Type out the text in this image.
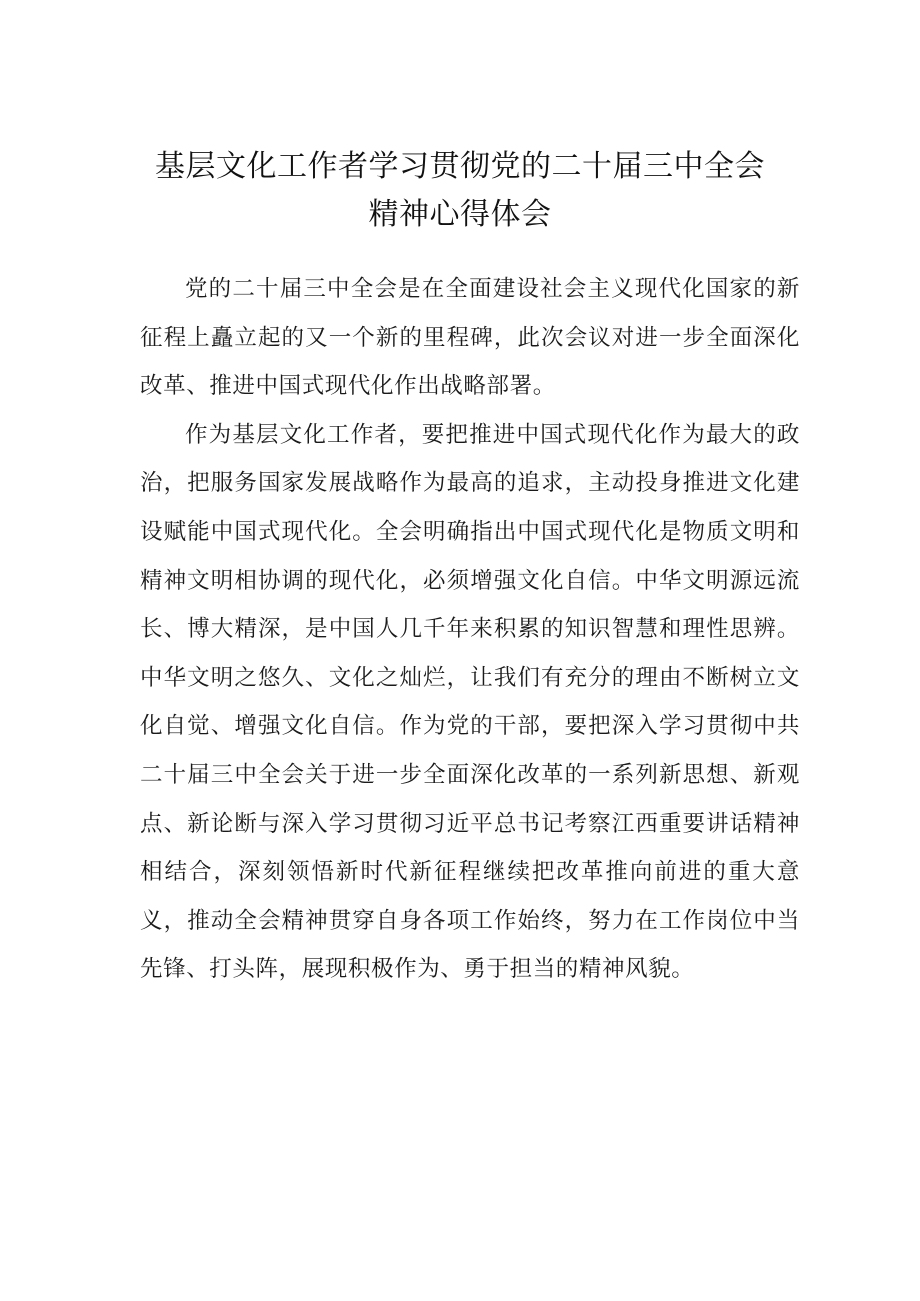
基层文化工作者学习贯彻党的二十届三中全会
精神心得体会

党的二十届三中全会是在全面建设社会主义现代化国家的新征程上矗立起的又一个新的里程碑，此次会议对进一步全面深化改革、推进中国式现代化作出战略部署。

作为基层文化工作者，要把推进中国式现代化作为最大的政治，把服务国家发展战略作为最高的追求，主动投身推进文化建设赋能中国式现代化。全会明确指出中国式现代化是物质文明和精神文明相协调的现代化，必须增强文化自信。中华文明源远流长、博大精深，是中国人几千年来积累的知识智慧和理性思辨。中华文明之悠久、文化之灿烂，让我们有充分的理由不断树立文化自觉、增强文化自信。作为党的干部，要把深入学习贯彻中共二十届三中全会关于进一步全面深化改革的一系列新思想、新观点、新论断与深入学习贯彻习近平总书记考察江西重要讲话精神相结合，深刻领悟新时代新征程继续把改革推向前进的重大意义，推动全会精神贯穿自身各项工作始终，努力在工作岗位中当先锋、打头阵，展现积极作为、勇于担当的精神风貌。
